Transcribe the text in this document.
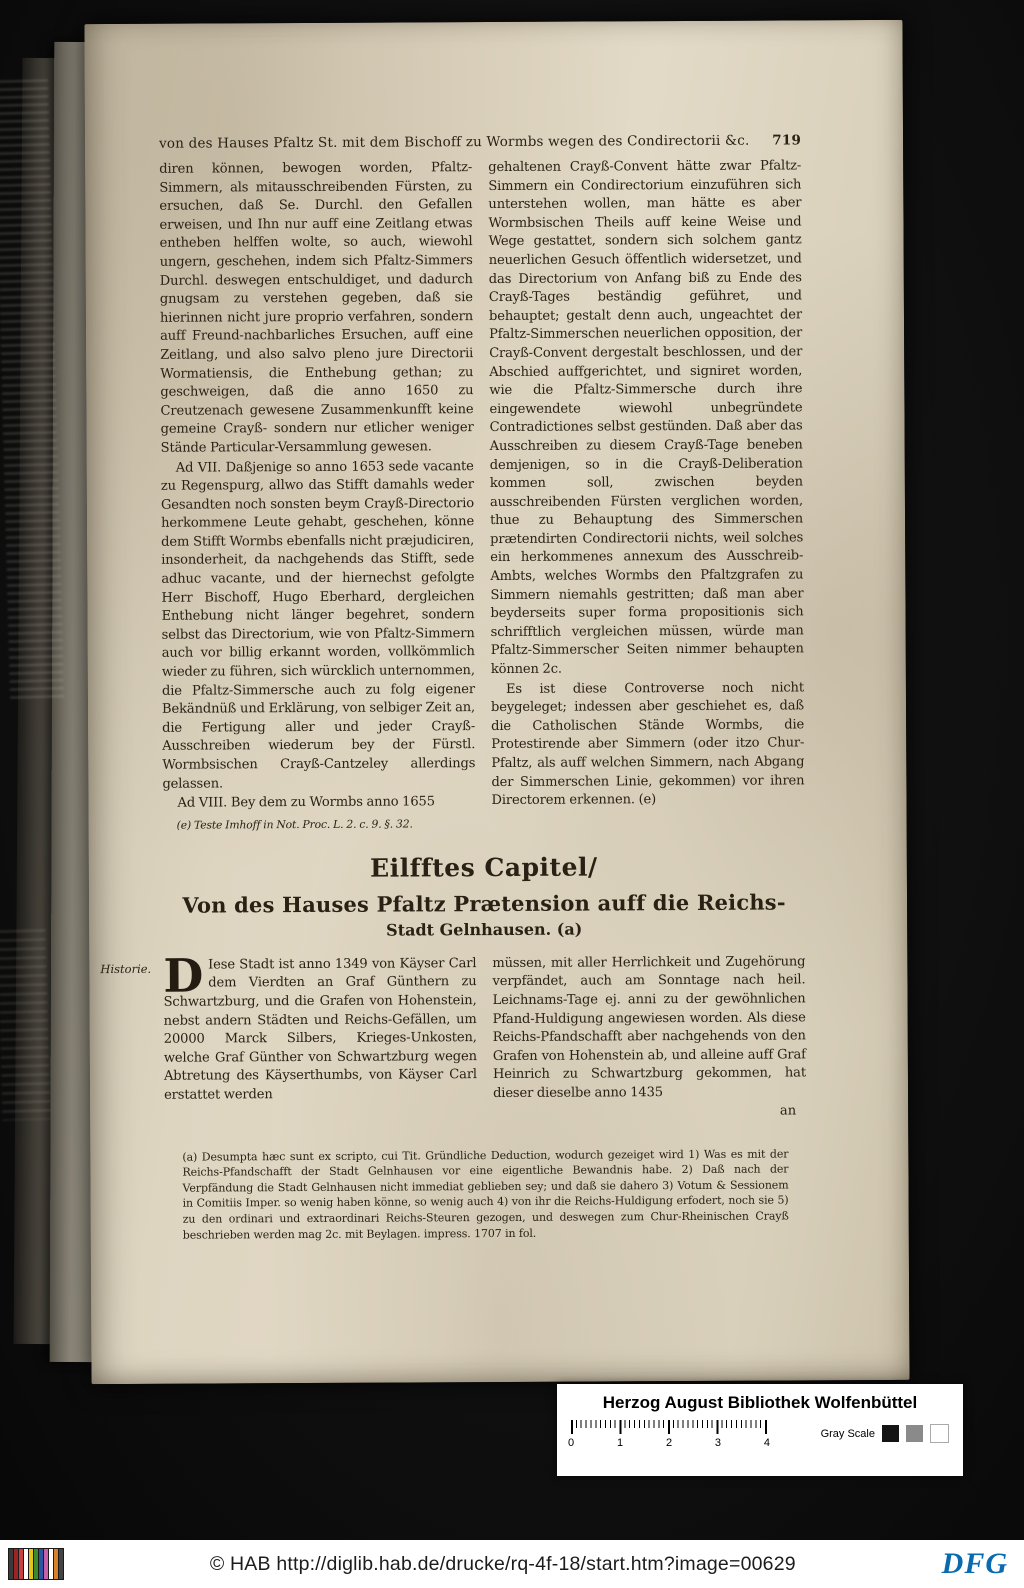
von des Hauses Pfaltz St. mit dem Bischoff zu Wormbs wegen des Condirectorii &c.	719

diren können, bewogen worden, Pfaltz-Simmern, als mitausschreibenden Fürsten, zu ersuchen, daß Se. Durchl. den Gefallen erweisen, und Ihn nur auff eine Zeitlang etwas entheben helffen wolte, so auch, wiewohl ungern, geschehen, indem sich Pfaltz-Simmers Durchl. deswegen entschuldiget, und dadurch gnugsam zu verstehen gegeben, daß sie hierinnen nicht jure proprio verfahren, sondern auff Freund-nachbarliches Ersuchen, auff eine Zeitlang, und also salvo pleno jure Directorii Wormatiensis, die Enthebung gethan; zu geschweigen, daß die anno 1650 zu Creutzenach gewesene Zusammenkunfft keine gemeine Crayß- sondern nur etlicher weniger Stände Particular-Versammlung gewesen.

Ad VII. Daßjenige so anno 1653 sede vacante zu Regenspurg, allwo das Stifft damahls weder Gesandten noch sonsten beym Crayß-Directorio herkommene Leute gehabt, geschehen, könne dem Stifft Wormbs ebenfalls nicht præjudiciren, insonderheit, da nachgehends das Stifft, sede adhuc vacante, und der hiernechst gefolgte Herr Bischoff, Hugo Eberhard, dergleichen Enthebung nicht länger begehret, sondern selbst das Directorium, wie von Pfaltz-Simmern auch vor billig erkannt worden, vollkömmlich wieder zu führen, sich würcklich unternommen, die Pfaltz-Simmersche auch zu folg eigener Bekändnüß und Erklärung, von selbiger Zeit an, die Fertigung aller und jeder Crayß-Ausschreiben wiederum bey der Fürstl. Wormbsischen Crayß-Cantzeley allerdings gelassen.

Ad VIII. Bey dem zu Wormbs anno 1655

(e) Teste Imhoff in Not. Proc. L. 2. c. 9. §. 32.

gehaltenen Crayß-Convent hätte zwar Pfaltz-Simmern ein Condirectorium einzuführen sich unterstehen wollen, man hätte es aber Wormbsischen Theils auff keine Weise und Wege gestattet, sondern sich solchem gantz neuerlichen Gesuch öffentlich widersetzet, und das Directorium von Anfang biß zu Ende des Crayß-Tages beständig geführet, und behauptet; gestalt denn auch, ungeachtet der Pfaltz-Simmerschen neuerlichen opposition, der Crayß-Convent dergestalt beschlossen, und der Abschied auffgerichtet, und signiret worden, wie die Pfaltz-Simmersche durch ihre eingewendete wiewohl unbegründete Contradictiones selbst gestünden. Daß aber das Ausschreiben zu diesem Crayß-Tage beneben demjenigen, so in die Crayß-Deliberation kommen soll, zwischen beyden ausschreibenden Fürsten verglichen worden, thue zu Behauptung des Simmerschen prætendirten Condirectorii nichts, weil solches ein herkommenes annexum des Ausschreib-Ambts, welches Wormbs den Pfaltzgrafen zu Simmern niemahls gestritten; daß man aber beyderseits super forma propositionis sich schrifftlich vergleichen müssen, würde man Pfaltz-Simmerscher Seiten nimmer behaupten können 2c.

Es ist diese Controverse noch nicht beygeleget; indessen aber geschiehet es, daß die Catholischen Stände Wormbs, die Protestirende aber Simmern (oder itzo Chur-Pfaltz, als auff welchen Simmern, nach Abgang der Simmerschen Linie, gekommen) vor ihren Directorem erkennen. (e)

Eilfftes Capitel/
Von des Hauses Pfaltz Prætension auff die Reichs-
Stadt Gelnhausen. (a)
Historie. DIese Stadt ist anno 1349 von Käyser Carl dem Vierdten an Graf Günthern zu Schwartzburg, und die Grafen von Hohenstein, nebst andern Städten und Reichs-Gefällen, um 20000 Marck Silbers, Krieges-Unkosten, welche Graf Günther von Schwartzburg wegen Abtretung des Käyserthumbs, von Käyser Carl erstattet werden

müssen, mit aller Herrlichkeit und Zugehörung verpfändet, auch am Sonntage nach heil. Leichnams-Tage ej. anni zu der gewöhnlichen Pfand-Huldigung angewiesen worden. Als diese Reichs-Pfandschafft aber nachgehends von den Grafen von Hohenstein ab, und alleine auff Graf Heinrich zu Schwartzburg gekommen, hat dieser dieselbe anno 1435

an
(a) Desumpta hæc sunt ex scripto, cui Tit. Gründliche Deduction, wodurch gezeiget wird 1) Was es mit der Reichs-Pfandschafft der Stadt Gelnhausen vor eine eigentliche Bewandnis habe. 2) Daß nach der Verpfändung die Stadt Gelnhausen nicht immediat geblieben sey; und daß sie dahero 3) Votum & Sessionem in Comitiis Imper. so wenig haben könne, so wenig auch 4) von ihr die Reichs-Huldigung erfodert, noch sie 5) zu den ordinari und extraordinari Reichs-Steuren gezogen, und deswegen zum Chur-Rheinischen Crayß beschrieben werden mag 2c. mit Beylagen. impress. 1707 in fol.
Herzog August Bibliothek Wolfenbüttel
0	1	2	3	4
Gray Scale
© HAB http://diglib.hab.de/drucke/rq-4f-18/start.htm?image=00629	DFG
